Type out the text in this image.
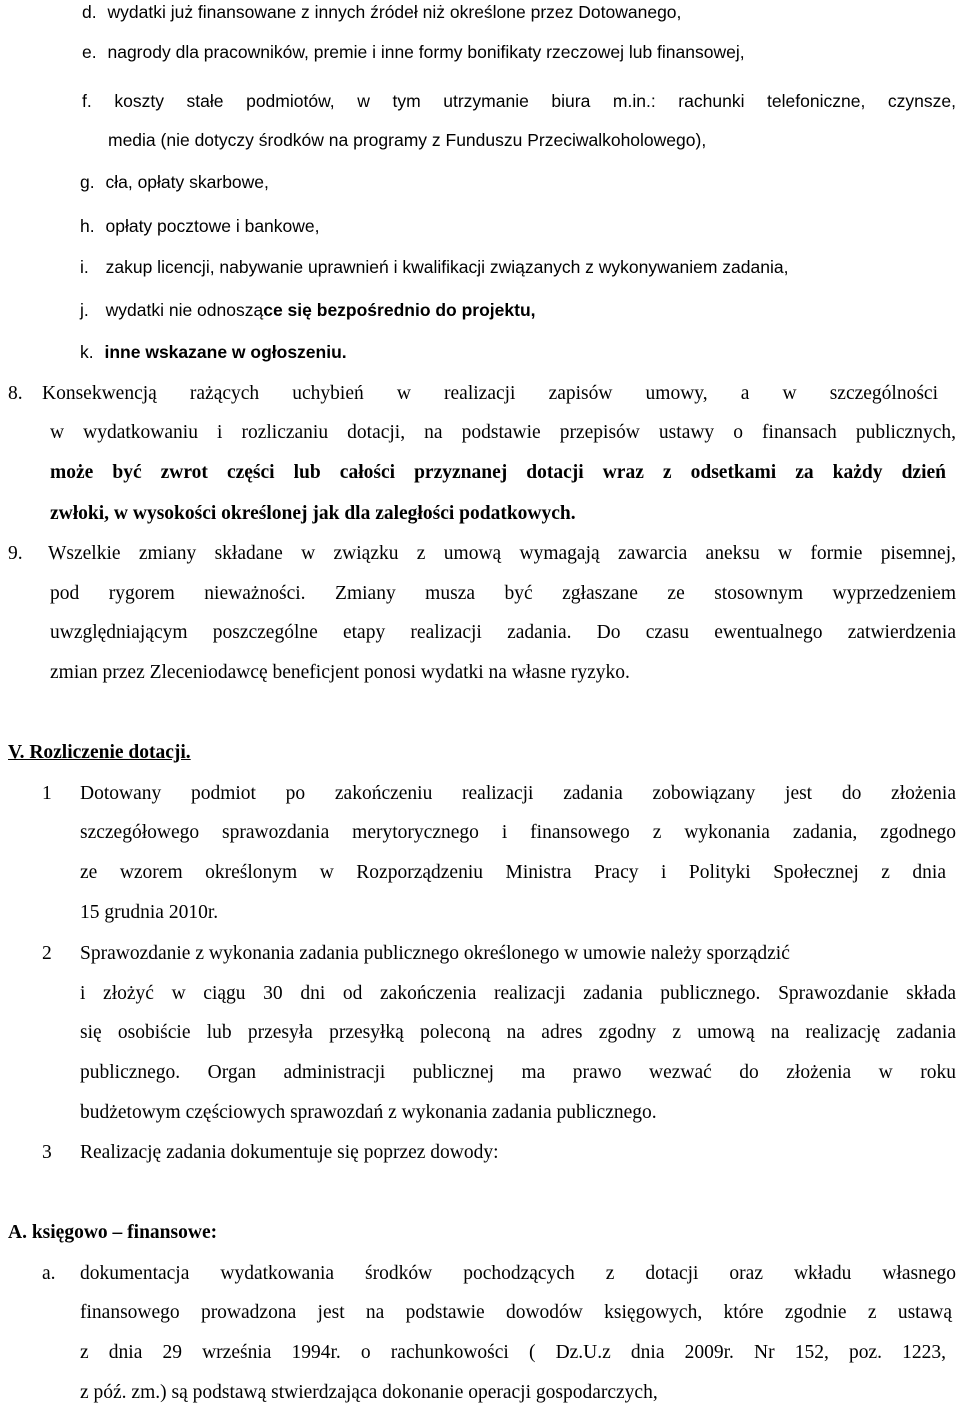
d. wydatki już finansowane z innych źródeł niż określone przez Dotowanego,
e. nagrody dla pracowników, premie i inne formy bonifikaty rzeczowej lub finansowej,
f. koszty stałe podmiotów, w tym utrzymanie biura m.in.: rachunki telefoniczne, czynsze,
media (nie dotyczy środków na programy z Funduszu Przeciwalkoholowego),
g. cła, opłaty skarbowe,
h. opłaty pocztowe i bankowe,
i. zakup licencji, nabywanie uprawnień i kwalifikacji związanych z wykonywaniem zadania,
j. wydatki nie odnoszące się bezpośrednio do projektu,
k. inne wskazane w ogłoszeniu.
8. Konsekwencją rażących uchybień w realizacji zapisów umowy, a w szczególności
w wydatkowaniu i rozliczaniu dotacji, na podstawie przepisów ustawy o finansach publicznych,
może być zwrot części lub całości przyznanej dotacji wraz z odsetkami za każdy dzień
zwłoki, w wysokości określonej jak dla zaległości podatkowych.
9. Wszelkie zmiany składane w związku z umową wymagają zawarcia aneksu w formie pisemnej,
pod rygorem nieważności. Zmiany musza być zgłaszane ze stosownym wyprzedzeniem
uwzględniającym poszczególne etapy realizacji zadania. Do czasu ewentualnego zatwierdzenia
zmian przez Zleceniodawcę beneficjent ponosi wydatki na własne ryzyko.
V. Rozliczenie dotacji.
1 Dotowany podmiot po zakończeniu realizacji zadania zobowiązany jest do złożenia
szczegółowego sprawozdania merytorycznego i finansowego z wykonania zadania, zgodnego
ze wzorem określonym w Rozporządzeniu Ministra Pracy i Polityki Społecznej z dnia
15 grudnia 2010r.
2 Sprawozdanie z wykonania zadania publicznego określonego w umowie należy sporządzić
i złożyć w ciągu 30 dni od zakończenia realizacji zadania publicznego. Sprawozdanie składa
się osobiście lub przesyła przesyłką poleconą na adres zgodny z umową na realizację zadania
publicznego. Organ administracji publicznej ma prawo wezwać do złożenia w roku
budżetowym częściowych sprawozdań z wykonania zadania publicznego.
3 Realizację zadania dokumentuje się poprzez dowody:
A. księgowo – finansowe:
a. dokumentacja wydatkowania środków pochodzących z dotacji oraz wkładu własnego
finansowego prowadzona jest na podstawie dowodów księgowych, które zgodnie z ustawą
z dnia 29 września 1994r. o rachunkowości ( Dz.U.z dnia 2009r. Nr 152, poz. 1223,
z póź. zm.) są podstawą stwierdzająca dokonanie operacji gospodarczych,
